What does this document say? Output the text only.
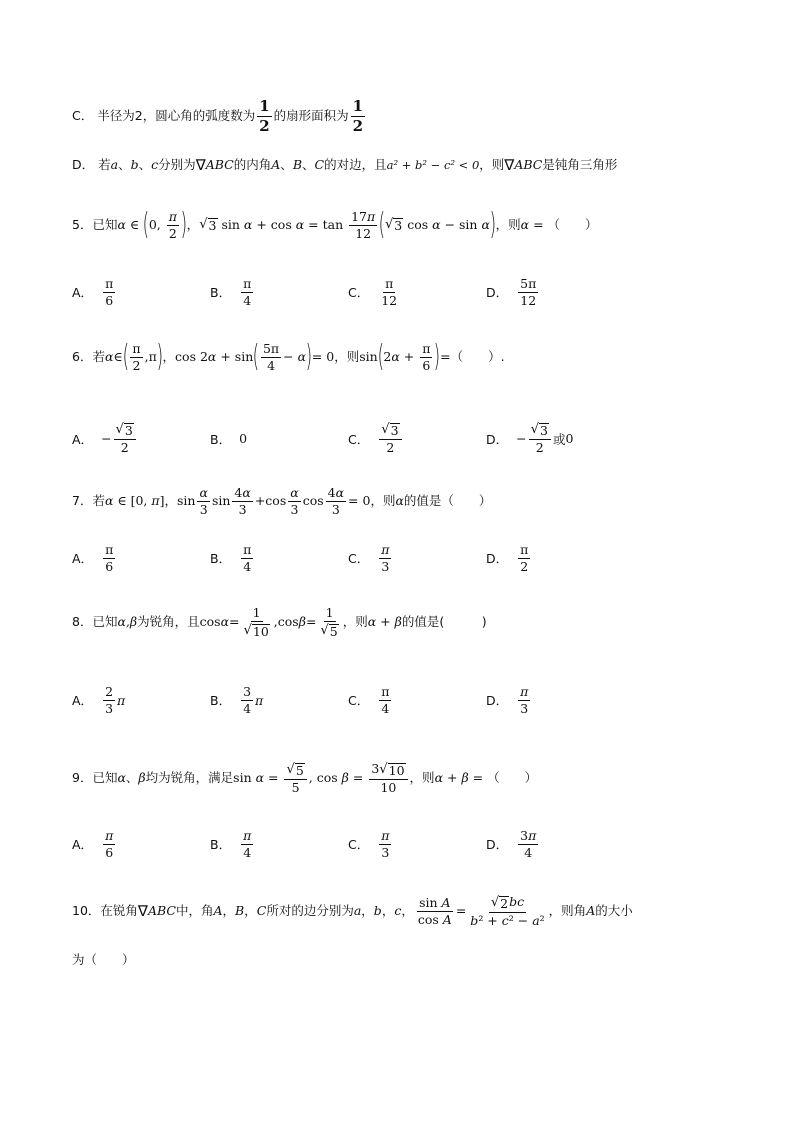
C． 半径为 2 ，圆心角的弧度数为
1
2
的扇形面积为
1
2
D． 若 a 、 b 、 c 分别为 ∇ ABC 的内角 A 、 B 、 C 的对边，且 a² + b² − c² < 0 ，则 ∇ ABC 是钝角三角形
5．已知 α ∈ ( 0,
π
2 ) ， √ 3 sin α + cos α = tan
17π
12 ( √ 3 cos α − sin α ) ，则 α = （　　）
A．
π
6	B．
π
4	C．
π
12	D．
5π
12
6．若 α ∈ ( π
2
,π ) ， cos 2 α + sin ( 5π
4
− α ) = 0 ，则 sin ( 2 α +
π
6 ) = （　　）.
A． − $\frac{√ 3}{2}$	B． 0	C．
√ 3
2
D． − $\frac{√ 3}{2}$ 或 0
7．若 α ∈ [0, π] ， sin
α
3
sin
4α
3
+cos
α
3
cos
4α
3
= 0 ，则 α 的值是（　　）
A．
π
6	B．
π
4	C．
π
3	D．
π
2
8．已知 α,β 为锐角，且 cos α =
1
√ 10
,cos β =
1
√ 5
，则 α + β 的值是(　　　)
A．
2
3
π	B．
3
4
π	C．
π
4	D．
π
3
9．已知 α 、 β 均为锐角，满足 sin α =
√ 5
5
, cos β =
3 √ 10
10
，则 α + β = （　　）
A．
π
6	B．
π
4	C．
π
3	D．
3π
4
10．在锐角 ∇ ABC 中，角 A ， B ， C 所对的边分别为 a ， b ， c ，
sin A
cos A
=
√ 2 bc
b² + c² − a²
，则角 A 的大小
为（　　）
